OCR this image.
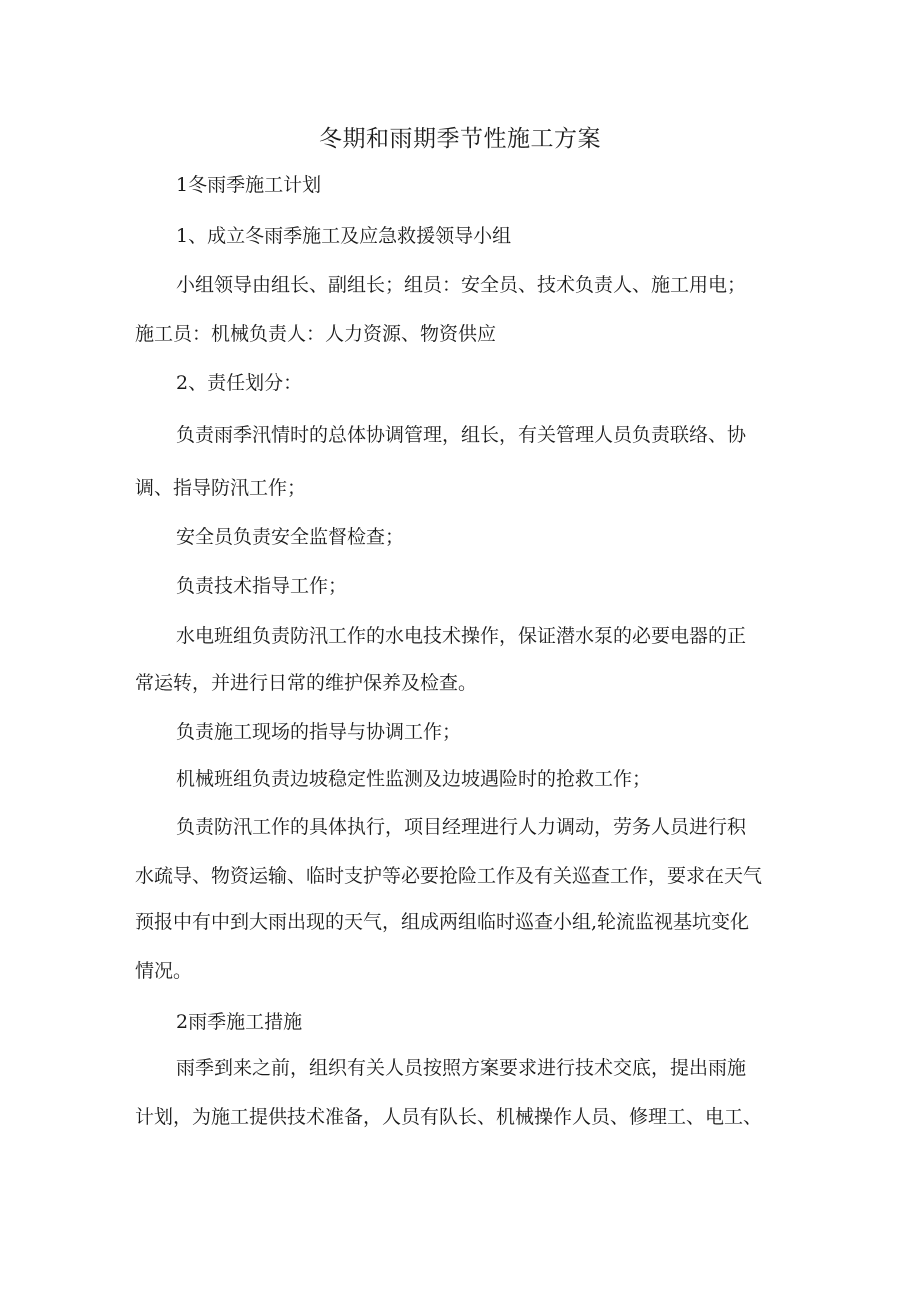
冬期和雨期季节性施工方案
1冬雨季施工计划
1、成立冬雨季施工及应急救援领导小组
小组领导由组长、副组长；组员：安全员、技术负责人、施工用电；
施工员：机械负责人：人力资源、物资供应
2、责任划分：
负责雨季汛情时的总体协调管理，组长，有关管理人员负责联络、协
调、指导防汛工作；
安全员负责安全监督检查；
负责技术指导工作；
水电班组负责防汛工作的水电技术操作，保证潜水泵的必要电器的正
常运转，并进行日常的维护保养及检查。
负责施工现场的指导与协调工作；
机械班组负责边坡稳定性监测及边坡遇险时的抢救工作；
负责防汛工作的具体执行，项目经理进行人力调动，劳务人员进行积
水疏导、物资运输、临时支护等必要抢险工作及有关巡查工作，要求在天气
预报中有中到大雨出现的天气，组成两组临时巡查小组,轮流监视基坑变化
情况。
2雨季施工措施
雨季到来之前，组织有关人员按照方案要求进行技术交底，提出雨施
计划，为施工提供技术准备，人员有队长、机械操作人员、修理工、电工、
